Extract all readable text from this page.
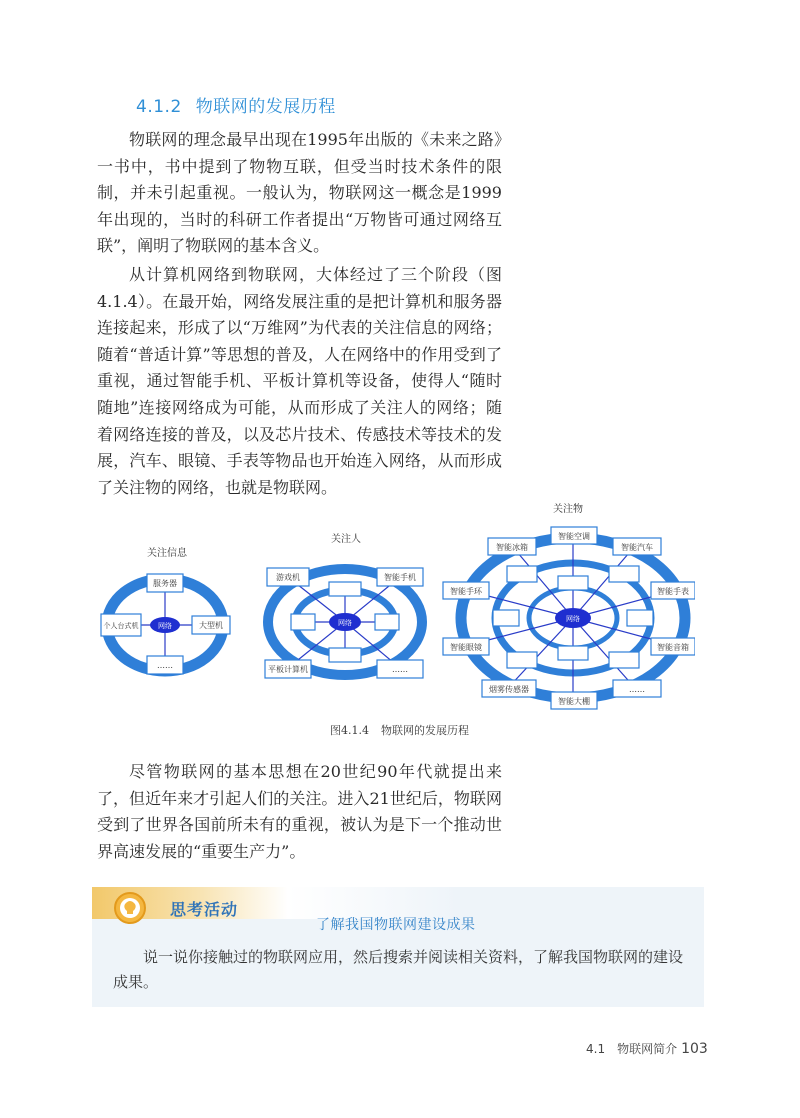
4.1.2 物联网的发展历程

物联网的理念最早出现在1995年出版的《未来之路》一书中，书中提到了物物互联，但受当时技术条件的限制，并未引起重视。一般认为，物联网这一概念是1999年出现的，当时的科研工作者提出“万物皆可通过网络互联”，阐明了物联网的基本含义。

从计算机网络到物联网，大体经过了三个阶段（图4.1.4）。在最开始，网络发展注重的是把计算机和服务器连接起来，形成了以“万维网”为代表的关注信息的网络；随着“普适计算”等思想的普及，人在网络中的作用受到了重视，通过智能手机、平板计算机等设备，使得人“随时随地”连接网络成为可能，从而形成了关注人的网络；随着网络连接的普及，以及芯片技术、传感技术等技术的发展，汽车、眼镜、手表等物品也开始连入网络，从而形成了关注物的网络，也就是物联网。

关注信息
服务器
大型机
……
个人台式机	网络
关注人
游戏机	智能手机
……
平板计算机
网络
关注物
智能冰箱
智能空调
智能汽车
智能手环	智能手表
智能眼镜	智能音箱
烟雾传感器
智能大棚
……
网络
图4.1.4 物联网的发展历程

尽管物联网的基本思想在20世纪90年代就提出来了，但近年来才引起人们的关注。进入21世纪后，物联网受到了世界各国前所未有的重视，被认为是下一个推动世界高速发展的“重要生产力”。

思考活动
了解我国物联网建设成果

说一说你接触过的物联网应用，然后搜索并阅读相关资料，了解我国物联网的建设成果。

4.1 物联网简介 103
